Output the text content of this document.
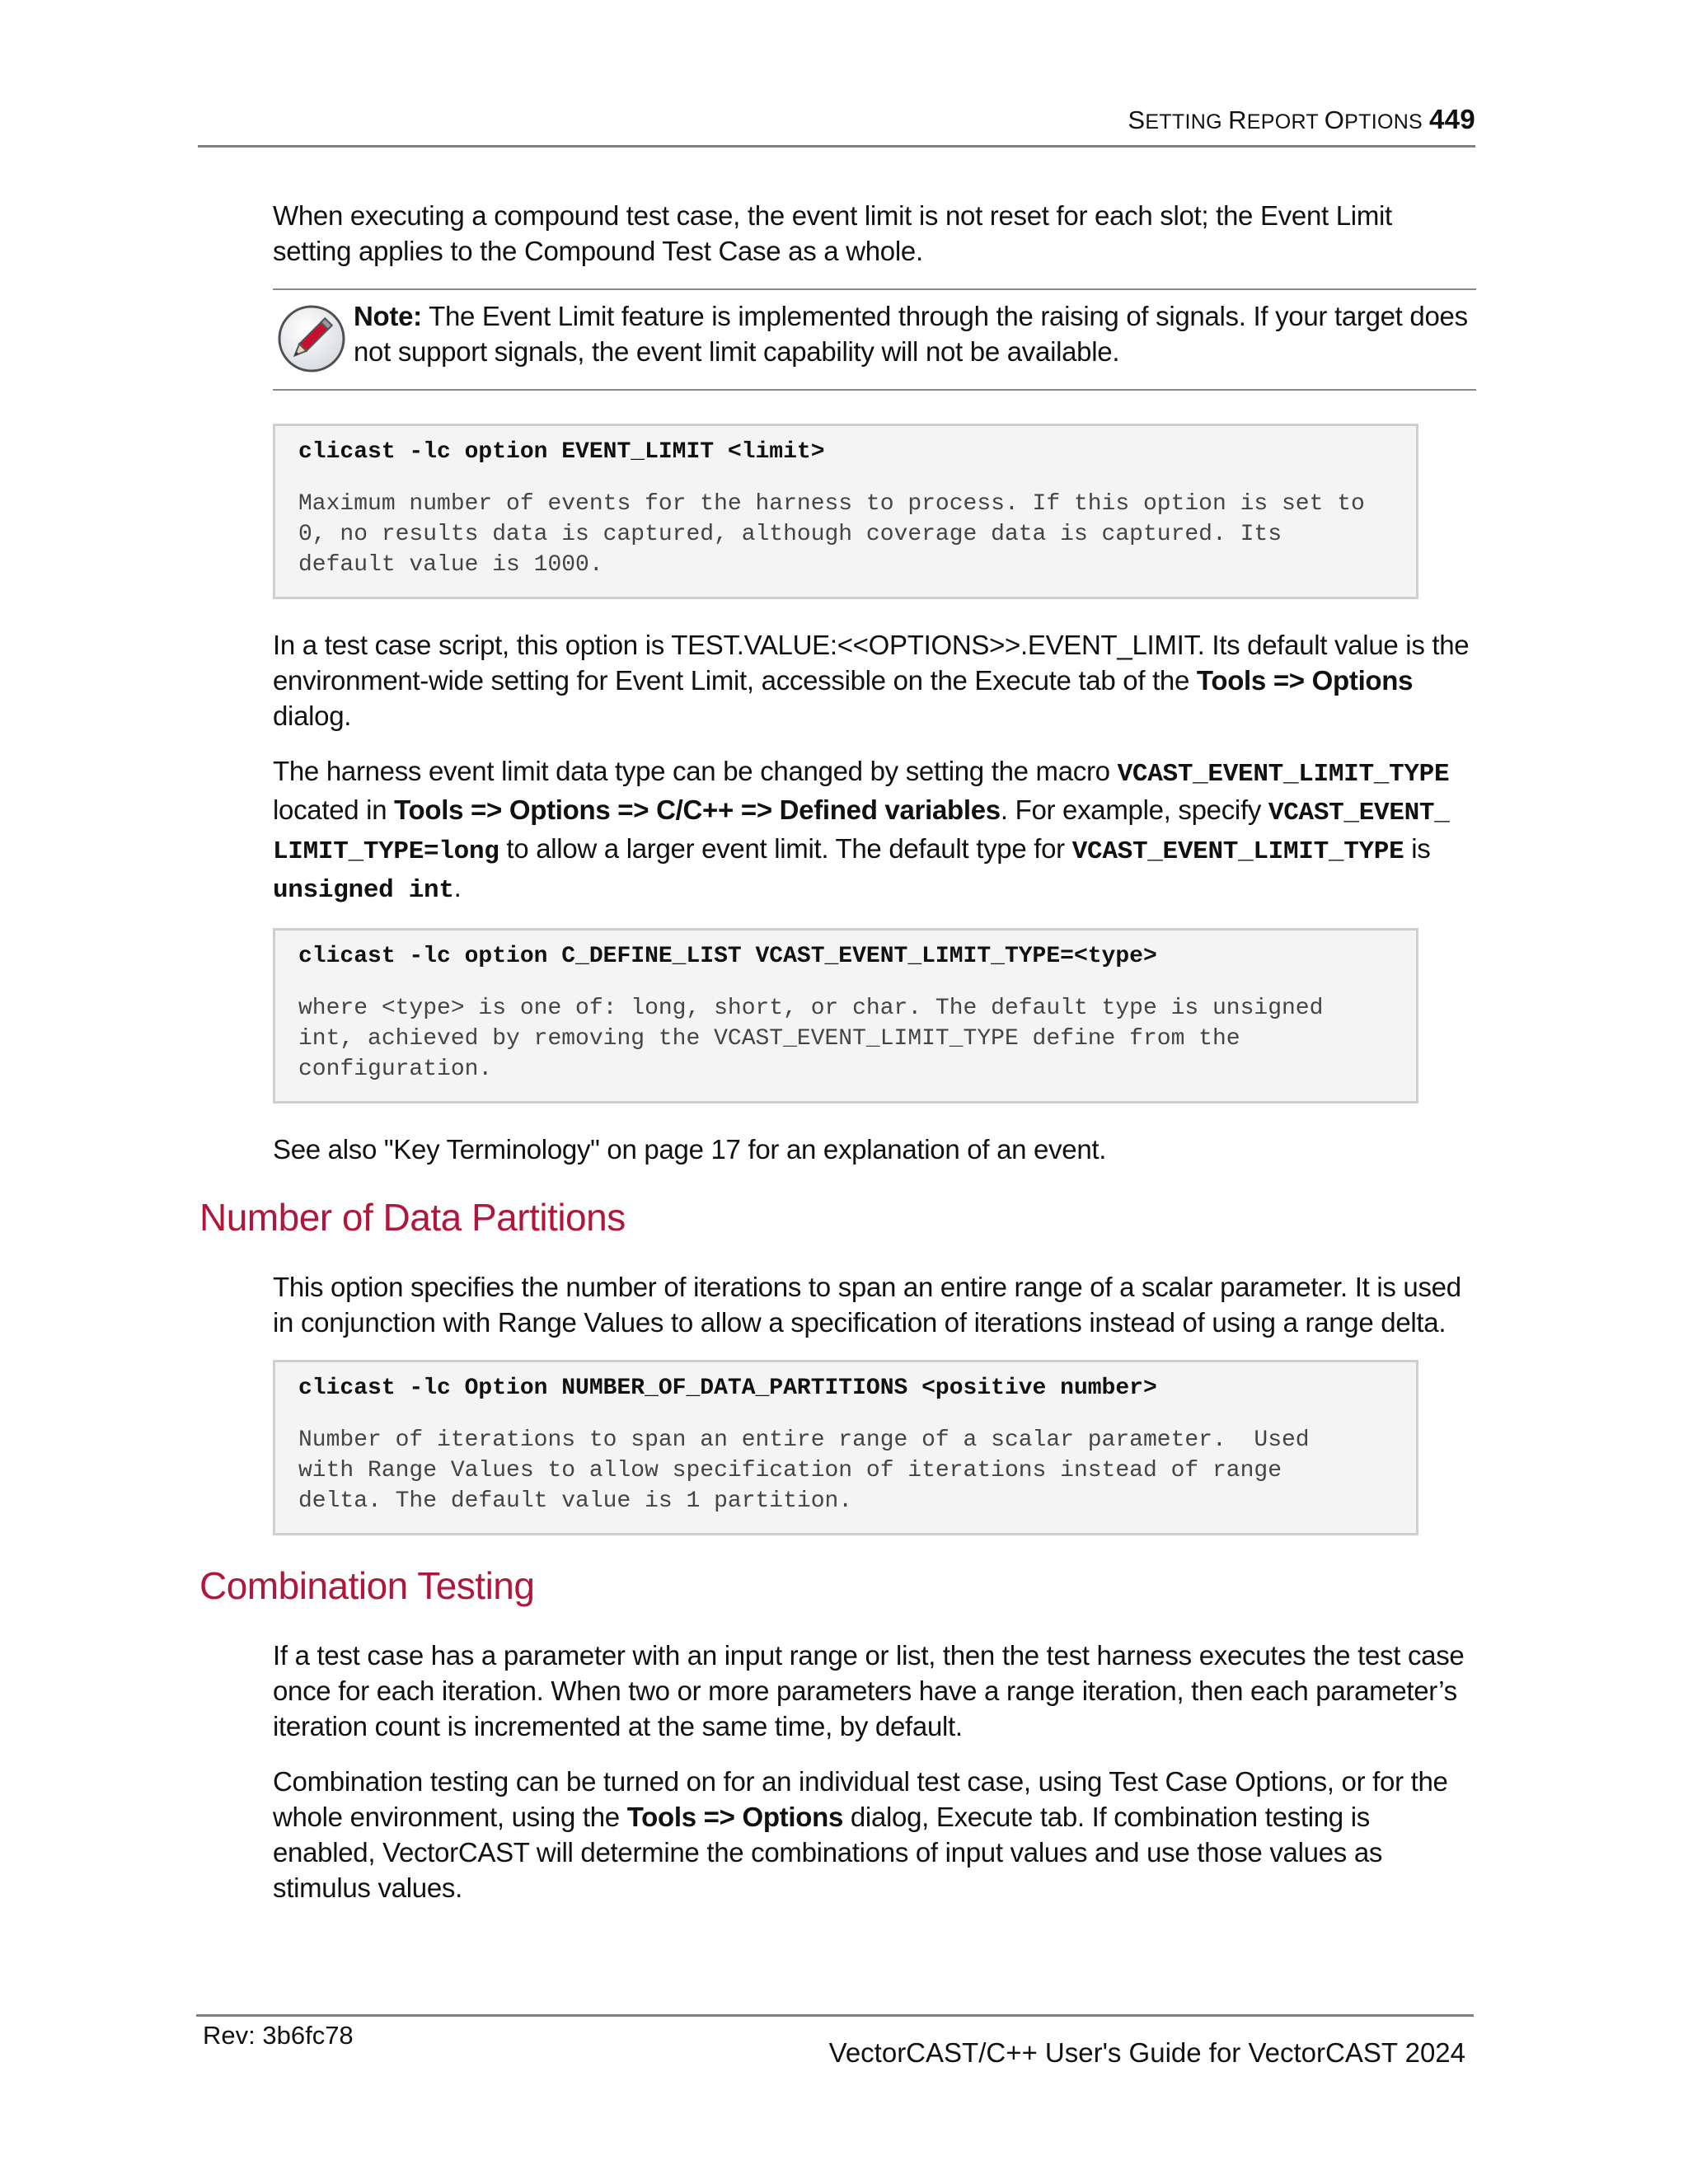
SETTING REPORT OPTIONS 449

When executing a compound test case, the event limit is not reset for each slot; the Event Limit setting applies to the Compound Test Case as a whole.

Note: The Event Limit feature is implemented through the raising of signals. If your target does not support signals, the event limit capability will not be available.
clicast -lc option EVENT_LIMIT <limit>
Maximum number of events for the harness to process. If this option is set to
0, no results data is captured, although coverage data is captured. Its
default value is 1000.

In a test case script, this option is TEST.VALUE:<<OPTIONS>>.EVENT_LIMIT. Its default value is the environment-wide setting for Event Limit, accessible on the Execute tab of the Tools => Options dialog.

The harness event limit data type can be changed by setting the macro VCAST_EVENT_LIMIT_TYPE located in Tools => Options => C/C++ => Defined variables. For example, specify VCAST_EVENT_ LIMIT_TYPE=long to allow a larger event limit. The default type for VCAST_EVENT_LIMIT_TYPE is unsigned int.

clicast -lc option C_DEFINE_LIST VCAST_EVENT_LIMIT_TYPE=<type>
where <type> is one of: long, short, or char. The default type is unsigned
int, achieved by removing the VCAST_EVENT_LIMIT_TYPE define from the
configuration.

See also "Key Terminology" on page 17 for an explanation of an event.

Number of Data Partitions

This option specifies the number of iterations to span an entire range of a scalar parameter. It is used in conjunction with Range Values to allow a specification of iterations instead of using a range delta.

clicast -lc Option NUMBER_OF_DATA_PARTITIONS <positive number>
Number of iterations to span an entire range of a scalar parameter.  Used
with Range Values to allow specification of iterations instead of range
delta. The default value is 1 partition.
Combination Testing

If a test case has a parameter with an input range or list, then the test harness executes the test case once for each iteration. When two or more parameters have a range iteration, then each parameter’s iteration count is incremented at the same time, by default.

Combination testing can be turned on for an individual test case, using Test Case Options, or for the whole environment, using the Tools => Options dialog, Execute tab. If combination testing is enabled, VectorCAST will determine the combinations of input values and use those values as stimulus values.

Rev: 3b6fc78
VectorCAST/C++ User's Guide for VectorCAST 2024
